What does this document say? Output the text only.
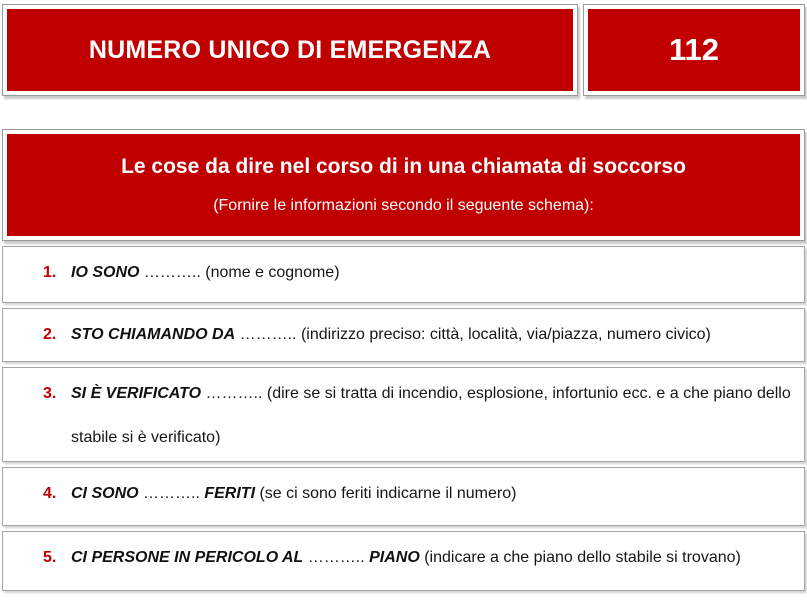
NUMERO UNICO DI EMERGENZA	112
Le cose da dire nel corso di in una chiamata di soccorso
(Fornire le informazioni secondo il seguente schema):
1. IO SONO ……….. (nome e cognome)
2. STO CHIAMANDO DA ……….. (indirizzo preciso: città, località, via/piazza, numero civico)
3. SI È VERIFICATO ……….. (dire se si tratta di incendio, esplosione, infortunio ecc. e a che piano dello stabile si è verificato)
4. CI SONO ……….. FERITI (se ci sono feriti indicarne il numero)
5. CI PERSONE IN PERICOLO AL ……….. PIANO (indicare a che piano dello stabile si trovano)
